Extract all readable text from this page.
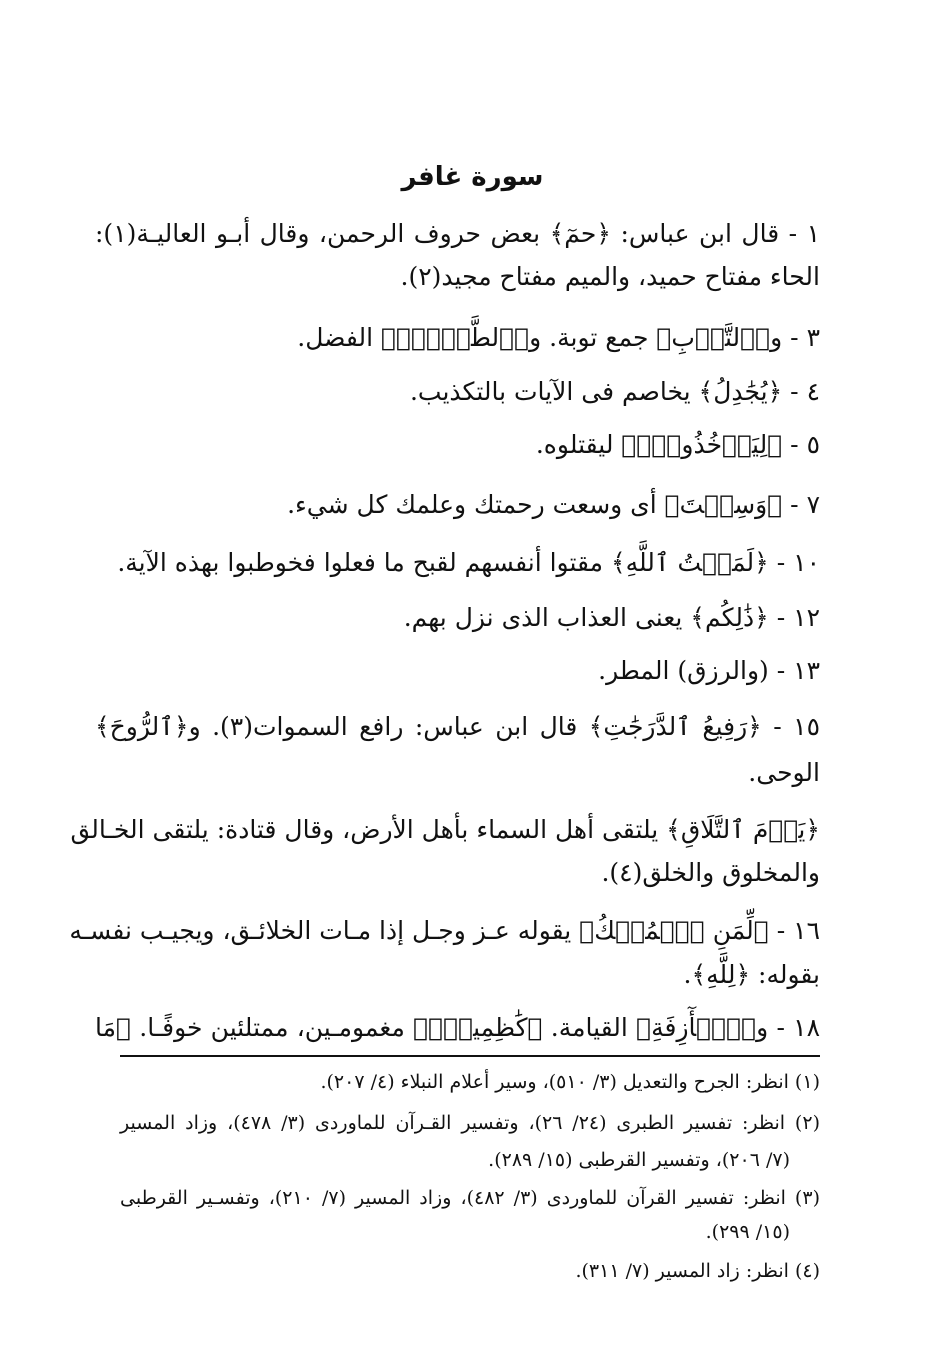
سورة غافر
١ - قال ابن عباس: ﴿حمٓ﴾ بعض حروف الرحمن، وقال أبـو العاليـة(١):
الحاء مفتاح حميد، والميم مفتاح مجيد(٢).
٣ - و﴿ٱلتَّوۡبِ﴾ جمع توبة. و﴿ٱلطَّوۡلِۖ﴾ الفضل.
٤ - ﴿يُجَٰدِلُ﴾ يخاصم فى الآيات بالتكذيب.
٥ - ﴿لِيَأۡخُذُوهُۖ﴾ ليقتلوه.
٧ - ﴿وَسِعۡتَ﴾ أى وسعت رحمتك وعلمك كل شيء.
١٠ - ﴿لَمَقۡتُ ٱللَّهِ﴾ مقتوا أنفسهم لقبح ما فعلوا فخوطبوا بهذه الآية.
١٢ - ﴿ذَٰلِكُم﴾ يعنى العذاب الذى نزل بهم.
١٣ - (والرزق) المطر.
١٥ - ﴿رَفِيعُ ٱلدَّرَجَٰتِ﴾ قال ابن عباس: رافع السموات(٣). و﴿ٱلرُّوحَ﴾
الوحى.
﴿يَوۡمَ ٱلتَّلَاقِ﴾ يلتقى أهل السماء بأهل الأرض، وقال قتادة: يلتقى الخـالق
والمخلوق والخلق(٤).
١٦ - ﴿لِّمَنِ ٱلۡمُلۡكُ﴾ يقوله عـز وجـل إذا مـات الخلائـق، ويجيـب نفسـه
بقوله: ﴿لِلَّهِ﴾.
١٨ - و﴿ٱلۡأٓزِفَةِ﴾ القيامة. ﴿كَٰظِمِينَۚ﴾ مغمومـين، ممتلئين خوفًـا. ﴿مَا
(١) انظر: الجرح والتعديل (٣/ ٥١٠)، وسير أعلام النبلاء (٤/ ٢٠٧).
(٢) انظر: تفسير الطبرى (٢٤/ ٢٦)، وتفسير القـرآن للماوردى (٣/ ٤٧٨)، وزاد المسير
(٧/ ٢٠٦)، وتفسير القرطبى (١٥/ ٢٨٩).
(٣) انظر: تفسير القرآن للماوردى (٣/ ٤٨٢)، وزاد المسير (٧/ ٢١٠)، وتفسـير القرطبى
(١٥/ ٢٩٩).
(٤) انظر: زاد المسير (٧/ ٣١١).
